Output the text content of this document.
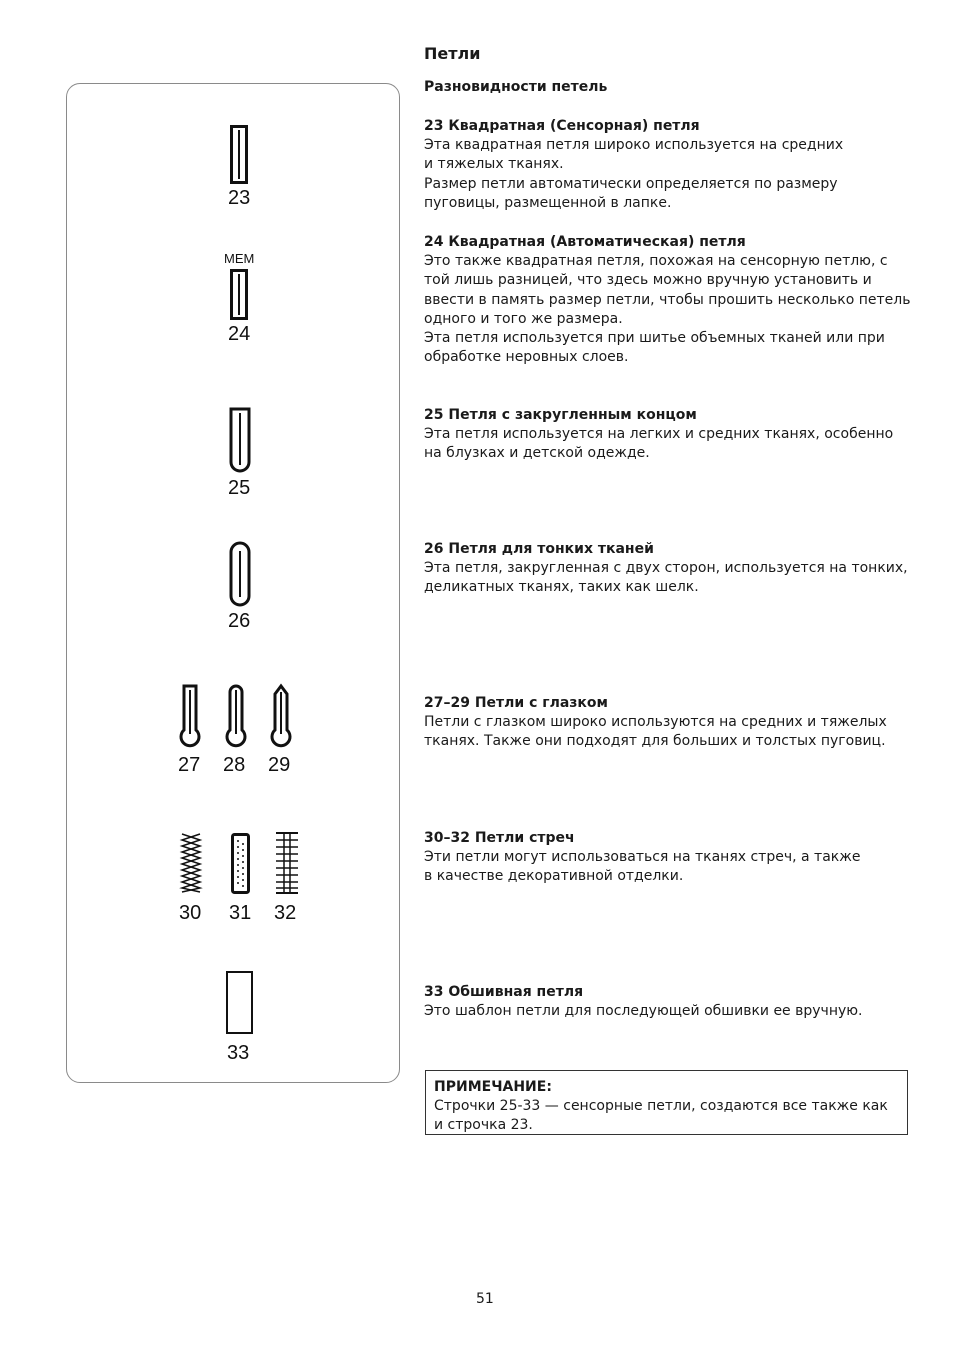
Петли
Разновидности петель
23 Квадратная (Сенсорная) петля
Эта квадратная петля широко используется на средних
и тяжелых тканях.
Размер петли автоматически определяется по размеру пуговицы, размещенной в лапке.
24 Квадратная (Автоматическая) петля
Это также квадратная петля, похожая на сенсорную петлю, с той лишь разницей, что здесь можно вручную установить и ввести в память размер петли, чтобы прошить несколько петель одного и того же размера.
Эта петля используется при шитье объемных тканей или при обработке неровных слоев.
25 Петля с закругленным концом
Эта петля используется на легких и средних тканях, особенно
на блузках и детской одежде.
26 Петля для тонких тканей
Эта петля, закругленная с двух сторон, используется на тонких, деликатных тканях, таких как шелк.
27–29 Петли с глазком
Петли с глазком широко используются на средних и тяжелых тканях. Также они подходят для больших и толстых пуговиц.
30–32 Петли стреч
Эти петли могут использоваться на тканях стреч, а также
в качестве декоративной отделки.
33 Обшивная петля
Это шаблон петли для последующей обшивки ее вручную.
ПРИМЕЧАНИЕ:
Строчки 25-33 — сенсорные петли, создаются все также как
и строчка 23.
51
23
MEM
24
25
26
27 28 29
30 31 32
33
